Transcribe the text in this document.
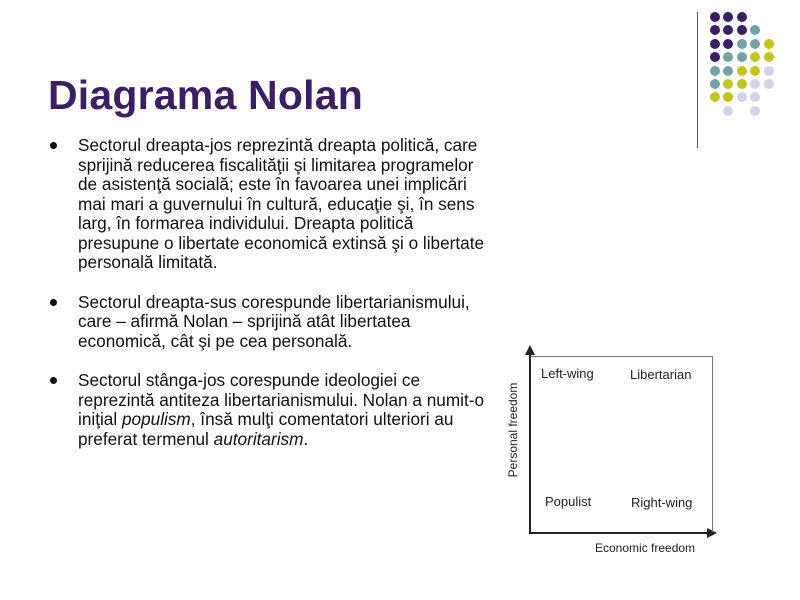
Diagrama Nolan
Sectorul dreapta-jos reprezintă dreapta politică, care sprijină reducerea fiscalităţii şi limitarea programelor de asistenţă socială; este în favoarea unei implicări mai mari a guvernului în cultură, educaţie şi, în sens larg, în formarea individului. Dreapta politică presupune o libertate economică extinsă şi o libertate personală limitată.
Sectorul dreapta-sus corespunde libertarianismului, care – afirmă Nolan – sprijină atât libertatea economică, cât şi pe cea personală.
Sectorul stânga-jos corespunde ideologiei ce reprezintă antiteza libertarianismului. Nolan a numit-o iniţial populism, însă mulţi comentatori ulteriori au preferat termenul autoritarism.
Left-wing	Libertarian
Populist	Right-wing
Personal freedom
Economic freedom
